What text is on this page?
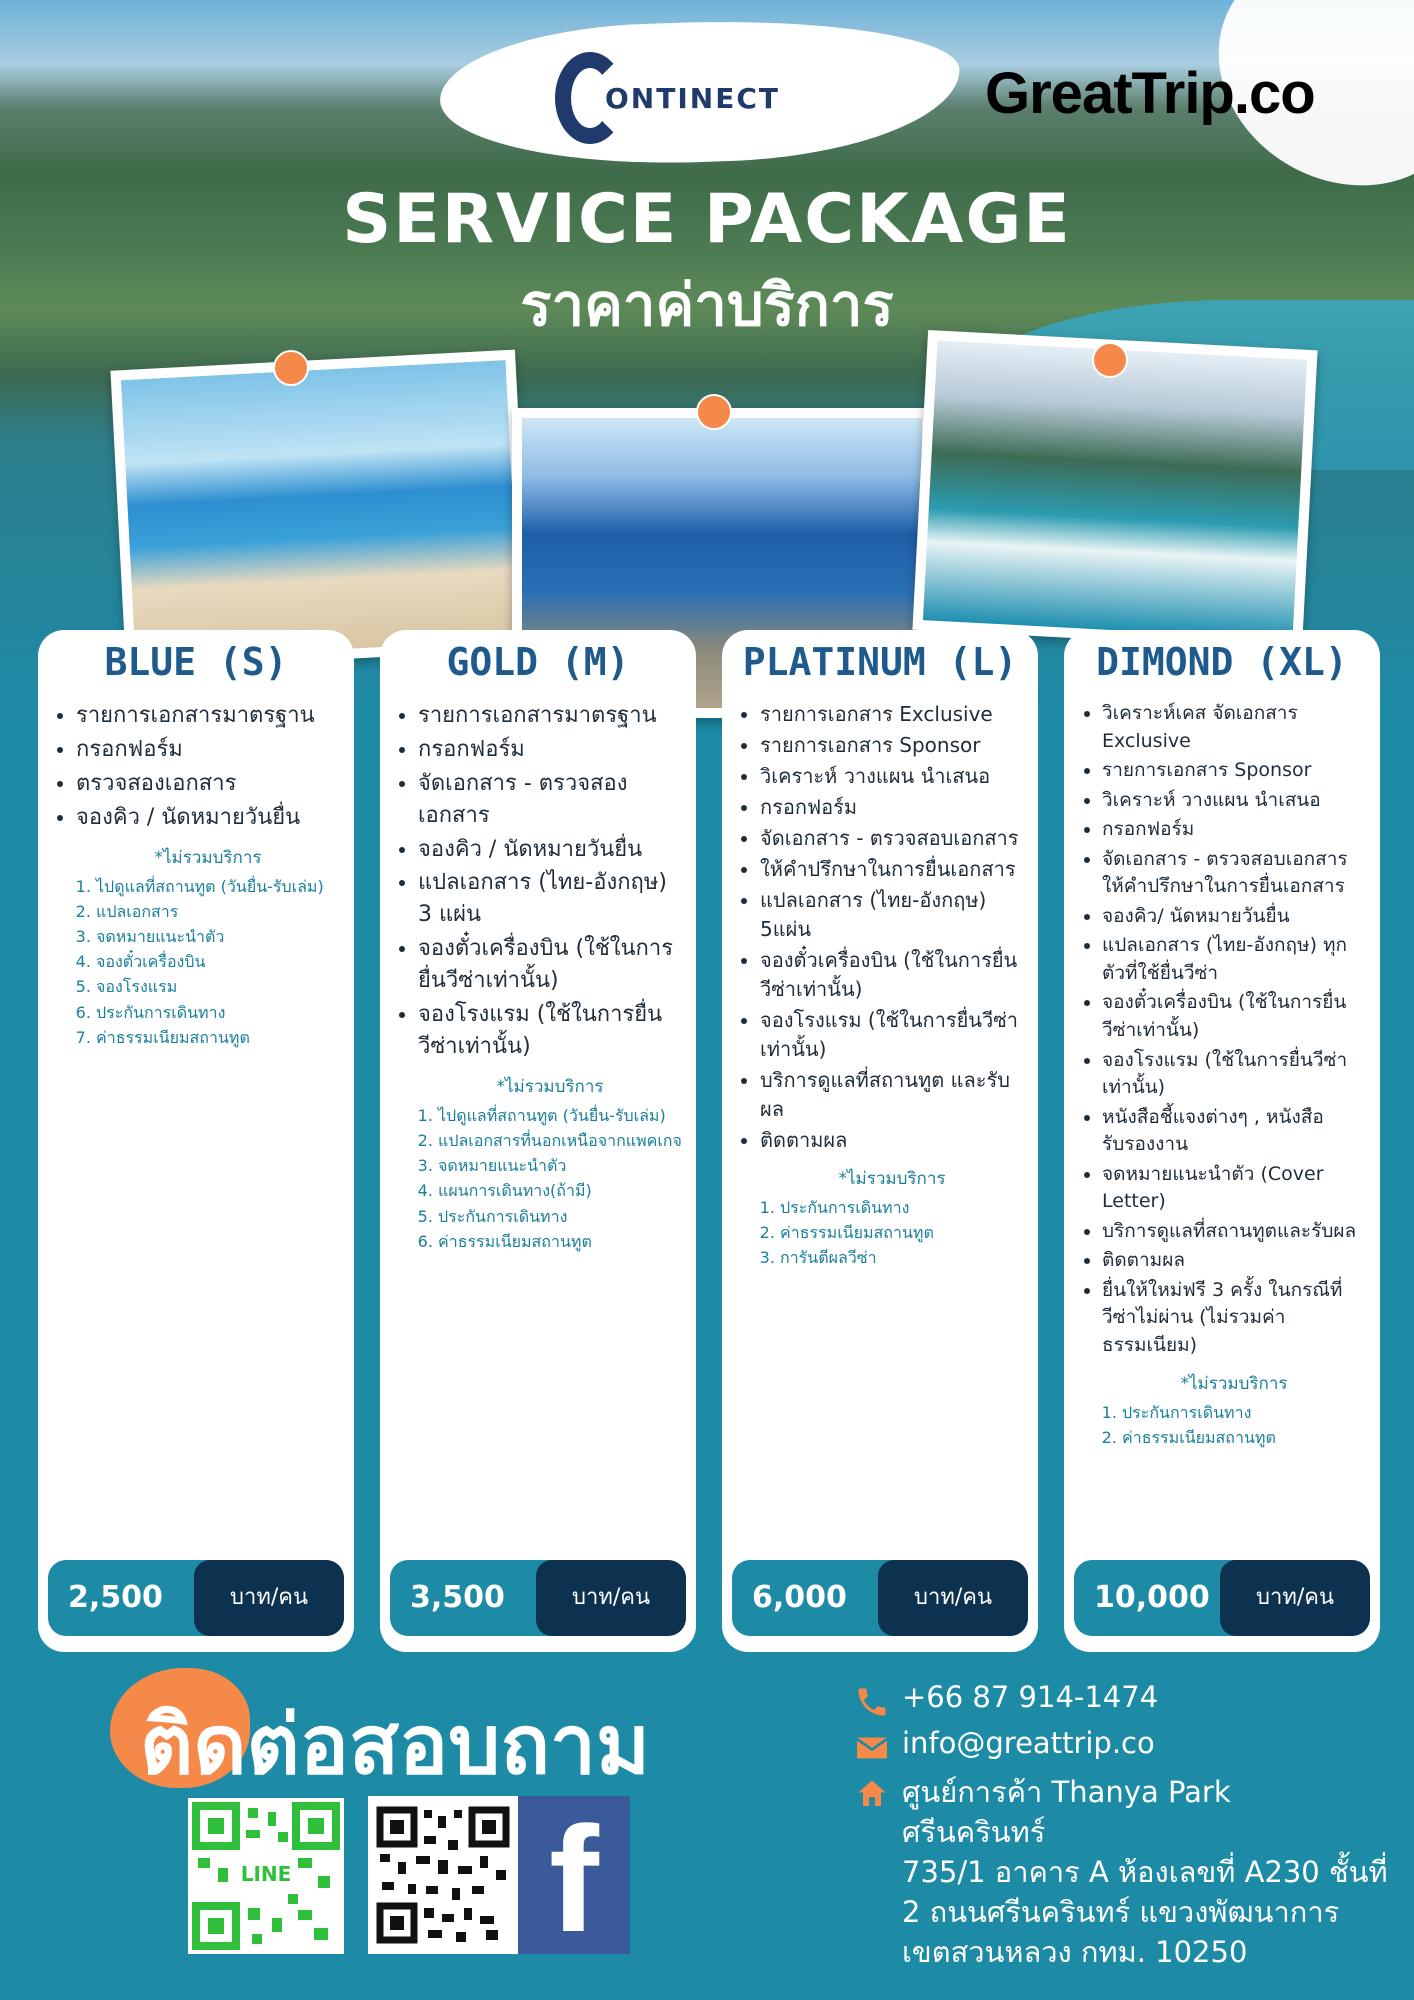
ONTINECT	GreatTrip.co
SERVICE PACKAGE
ราคาค่าบริการ
BLUE (S)
• รายการเอกสารมาตรฐาน
• กรอกฟอร์ม
• ตรวจสองเอกสาร
• จองคิว / นัดหมายวันยื่น
*ไม่รวมบริการ
1. ไปดูแลที่สถานทูต (วันยื่น-รับเล่ม)
2. แปลเอกสาร
3. จดหมายแนะนำตัว
4. จองตั๋วเครื่องบิน
5. จองโรงแรม
6. ประกันการเดินทาง
7. ค่าธรรมเนียมสถานทูต
2,500	บาท/คน
GOLD (M)
• รายการเอกสารมาตรฐาน
• กรอกฟอร์ม
• จัดเอกสาร - ตรวจสองเอกสาร
• จองคิว / นัดหมายวันยื่น
• แปลเอกสาร (ไทย-อังกฤษ) 3 แผ่น
• จองตั๋วเครื่องบิน (ใช้ในการยื่นวีซ่าเท่านั้น)
• จองโรงแรม (ใช้ในการยื่นวีซ่าเท่านั้น)
*ไม่รวมบริการ
1. ไปดูแลที่สถานทูต (วันยื่น-รับเล่ม)
2. แปลเอกสารที่นอกเหนือจากแพคเกจ
3. จดหมายแนะนำตัว
4. แผนการเดินทาง(ถ้ามี)
5. ประกันการเดินทาง
6. ค่าธรรมเนียมสถานทูต
3,500	บาท/คน
PLATINUM (L)
• รายการเอกสาร Exclusive
• รายการเอกสาร Sponsor
• วิเคราะห์ วางแผน นำเสนอ
• กรอกฟอร์ม
• จัดเอกสาร - ตรวจสอบเอกสาร
• ให้คำปรึกษาในการยื่นเอกสาร
• แปลเอกสาร (ไทย-อังกฤษ) 5แผ่น
• จองตั๋วเครื่องบิน (ใช้ในการยื่นวีซ่าเท่านั้น)
• จองโรงแรม (ใช้ในการยื่นวีซ่าเท่านั้น)
• บริการดูแลที่สถานทูต และรับผล
• ติดตามผล
*ไม่รวมบริการ
1. ประกันการเดินทาง
2. ค่าธรรมเนียมสถานทูต
3. การันตีผลวีซ่า
6,000	บาท/คน
DIMOND (XL)
• วิเคราะห์เคส จัดเอกสาร Exclusive
• รายการเอกสาร Sponsor
• วิเคราะห์ วางแผน นำเสนอ
• กรอกฟอร์ม
• จัดเอกสาร - ตรวจสอบเอกสาร ให้คำปรึกษาในการยื่นเอกสาร
• จองคิว/ นัดหมายวันยื่น
• แปลเอกสาร (ไทย-อังกฤษ) ทุกตัวที่ใช้ยื่นวีซ่า
• จองตั๋วเครื่องบิน (ใช้ในการยื่นวีซ่าเท่านั้น)
• จองโรงแรม (ใช้ในการยื่นวีซ่าเท่านั้น)
• หนังสือชี้แจงต่างๆ , หนังสือรับรองงาน
• จดหมายแนะนำตัว (Cover Letter)
• บริการดูแลที่สถานทูตและรับผล
• ติดตามผล
• ยื่นให้ใหม่ฟรี 3 ครั้ง ในกรณีที่วีซ่าไม่ผ่าน (ไม่รวมค่าธรรมเนียม)
*ไม่รวมบริการ
1. ประกันการเดินทาง
2. ค่าธรรมเนียมสถานทูต
10,000	บาท/คน
ติดต่อสอบถาม
LINE	f
+66 87 914-1474
info@greattrip.co
ศูนย์การค้า Thanya Park
ศรีนครินทร์
735/1 อาคาร A ห้องเลขที่ A230 ชั้นที่
2 ถนนศรีนครินทร์ แขวงพัฒนาการ
เขตสวนหลวง กทม. 10250
